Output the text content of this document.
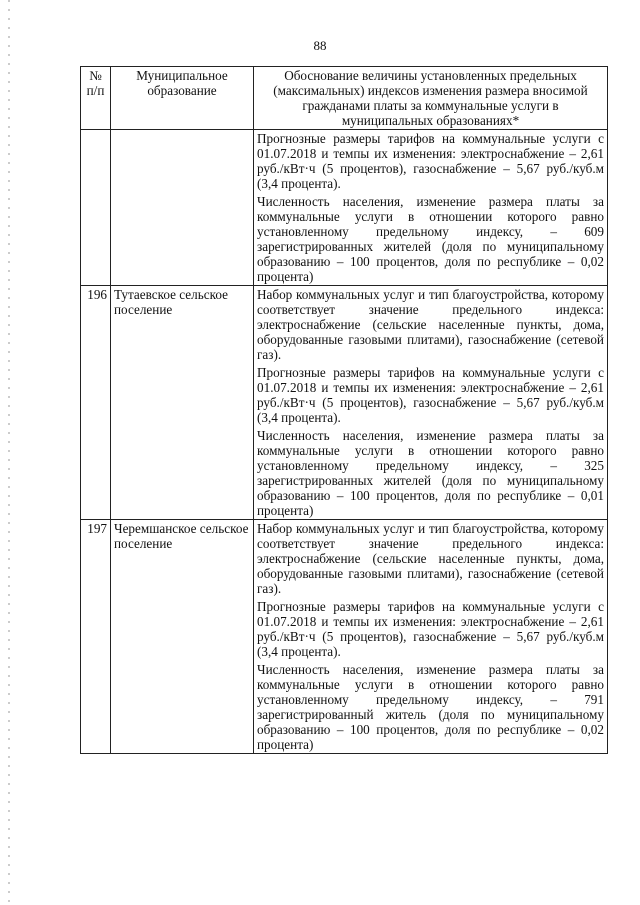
88
№ п/п	Муниципальное образование	Обоснование величины установленных предельных (максимальных) индексов изменения размера вносимой гражданами платы за коммунальные услуги в муниципальных образованиях*

		Прогнозные размеры тарифов на коммунальные услуги с 01.07.2018 и темпы их изменения: электроснабжение – 2,61 руб./кВт·ч (5 процентов), газоснабжение – 5,67 руб./куб.м (3,4 процента).

Численность населения, изменение размера платы за коммунальные услуги в отношении которого равно установленному предельному индексу, – 609 зарегистрированных жителей (доля по муниципальному образованию – 100 процентов, доля по республике – 0,02 процента)

196	Тутаевское сельское поселение	Набор коммунальных услуг и тип благоустройства, которому соответствует значение предельного индекса: электроснабжение (сельские населенные пункты, дома, оборудованные газовыми плитами), газоснабжение (сетевой газ).

Прогнозные размеры тарифов на коммунальные услуги с 01.07.2018 и темпы их изменения: электроснабжение – 2,61 руб./кВт·ч (5 процентов), газоснабжение – 5,67 руб./куб.м (3,4 процента).

Численность населения, изменение размера платы за коммунальные услуги в отношении которого равно установленному предельному индексу, – 325 зарегистрированных жителей (доля по муниципальному образованию – 100 процентов, доля по республике – 0,01 процента)

197	Черемшанское сельское поселение	Набор коммунальных услуг и тип благоустройства, которому соответствует значение предельного индекса: электроснабжение (сельские населенные пункты, дома, оборудованные газовыми плитами), газоснабжение (сетевой газ).

Прогнозные размеры тарифов на коммунальные услуги с 01.07.2018 и темпы их изменения: электроснабжение – 2,61 руб./кВт·ч (5 процентов), газоснабжение – 5,67 руб./куб.м (3,4 процента).

Численность населения, изменение размера платы за коммунальные услуги в отношении которого равно установленному предельному индексу, – 791 зарегистрированный житель (доля по муниципальному образованию – 100 процентов, доля по республике – 0,02 процента)
